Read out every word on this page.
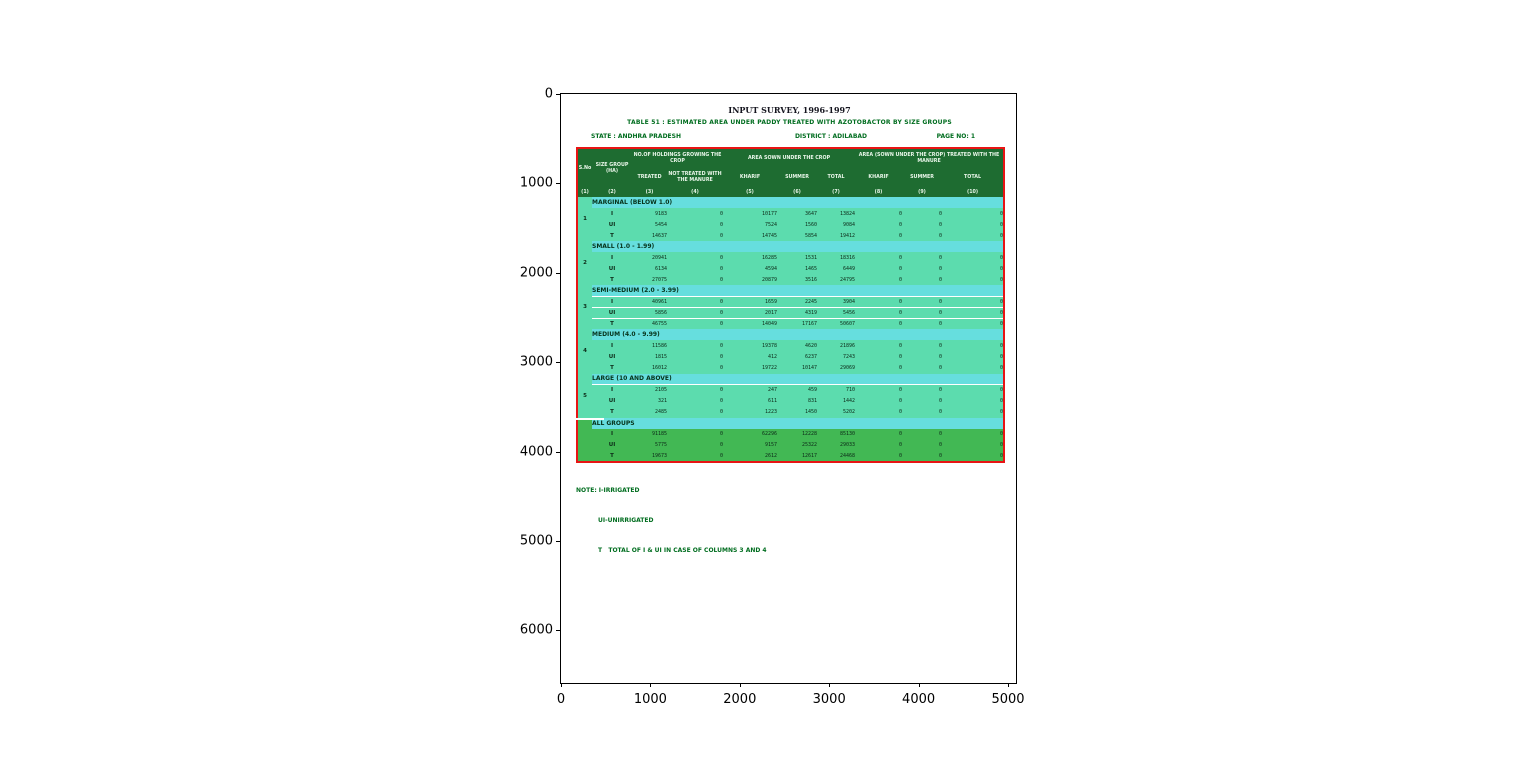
INPUT SURVEY, 1996-1997
TABLE 51 : ESTIMATED AREA UNDER PADDY TREATED WITH AZOTOBACTOR BY SIZE GROUPS
STATE : ANDHRA PRADESH	DISTRICT : ADILABAD	PAGE NO: 1
S.No	SIZE GROUP (HA)	NO.OF HOLDINGS GROWING THE CROP		AREA SOWN UNDER THE CROP			AREA (SOWN UNDER THE CROP) TREATED WITH THE MANURE		
		TREATED	NOT TREATED WITH THE MANURE	KHARIF	SUMMER	TOTAL	KHARIF	SUMMER	TOTAL
(1)	(2)	(3)	(4)	(5)	(6)	(7)	(8)	(9)	(10)
1	MARGINAL (BELOW 1.0)								
	I	9183	0	10177	3647	13824	0	0	0
	UI	5454	0	7524	1560	9084	0	0	0
	T	14637	0	14745	5854	19412	0	0	0
2	SMALL (1.0 - 1.99)								
	I	20941	0	16285	1531	18316	0	0	0
	UI	6134	0	4594	1465	6449	0	0	0
	T	27075	0	20879	3516	24795	0	0	0
3	SEMI-MEDIUM (2.0 - 3.99)								
	I	40961	0	1659	2245	3904	0	0	0
	UI	5856	0	2017	4319	5456	0	0	0
	T	46755	0	14049	17167	50607	0	0	0
4	MEDIUM (4.0 - 9.99)								
	I	11586	0	19378	4620	21896	0	0	0
	UI	1815	0	412	6237	7243	0	0	0
	T	16012	0	19722	10147	29069	0	0	0
5	LARGE (10 AND ABOVE)								
	I	2105	0	247	459	710	0	0	0
	UI	321	0	611	831	1442	0	0	0
	T	2485	0	1223	1450	5202	0	0	0
	ALL GROUPS								
	I	91185	0	62296	12228	85130	0	0	0
	UI	5775	0	9157	25322	29033	0	0	0
	T	19673	0	2612	12617	24468	0	0	0

NOTE: I-IRRIGATED

UI-UNIRRIGATED

T   TOTAL OF I & UI IN CASE OF COLUMNS 3 AND 4

0	1000	2000	3000	4000	5000
0
1000
2000
3000
4000
5000
6000
